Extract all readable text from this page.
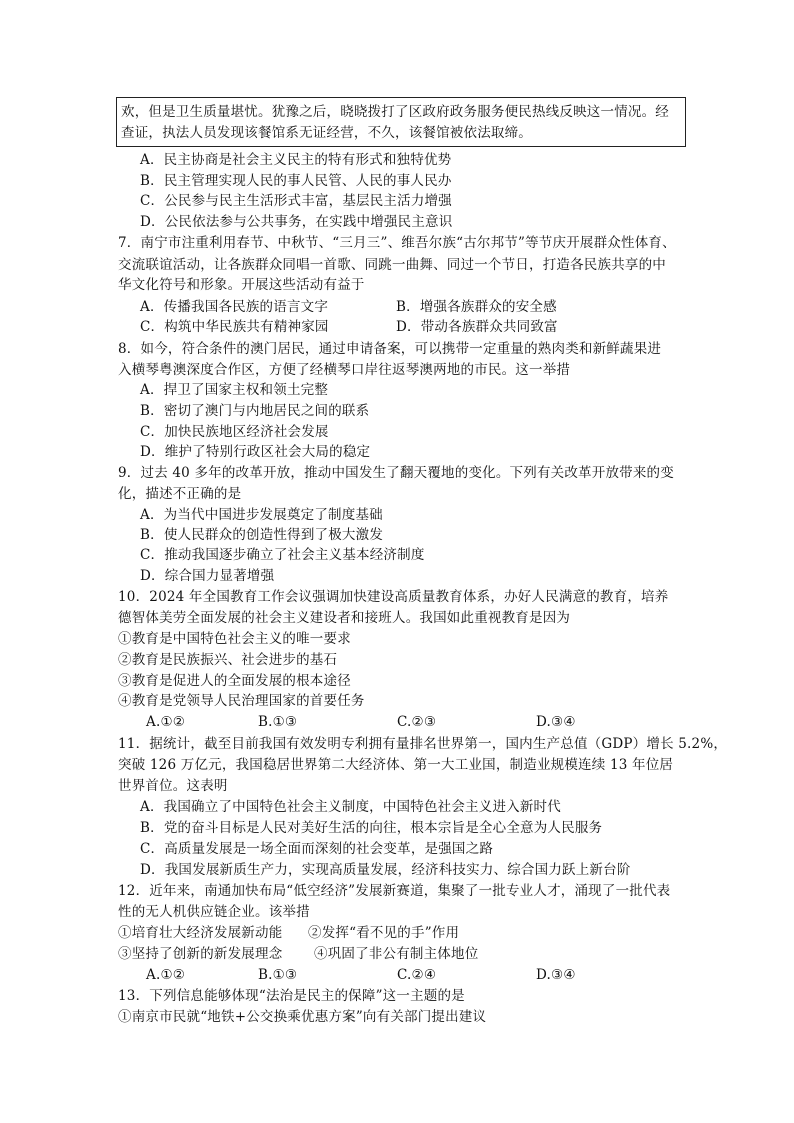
欢，但是卫生质量堪忧。犹豫之后，晓晓拨打了区政府政务服务便民热线反映这一情况。经
查证，执法人员发现该餐馆系无证经营，不久，该餐馆被依法取缔。
A．民主协商是社会主义民主的特有形式和独特优势
B．民主管理实现人民的事人民管、人民的事人民办
C．公民参与民主生活形式丰富，基层民主活力增强
D．公民依法参与公共事务，在实践中增强民主意识
7．南宁市注重利用春节、中秋节、“三月三”、维吾尔族“古尔邦节”等节庆开展群众性体育、
交流联谊活动，让各族群众同唱一首歌、同跳一曲舞、同过一个节日，打造各民族共享的中
华文化符号和形象。开展这些活动有益于
A．传播我国各民族的语言文字	B．增强各族群众的安全感
C．构筑中华民族共有精神家园	D．带动各族群众共同致富
8．如今，符合条件的澳门居民，通过申请备案，可以携带一定重量的熟肉类和新鲜蔬果进
入横琴粤澳深度合作区，方便了经横琴口岸往返琴澳两地的市民。这一举措
A．捍卫了国家主权和领土完整
B．密切了澳门与内地居民之间的联系
C．加快民族地区经济社会发展
D．维护了特别行政区社会大局的稳定
9．过去 40 多年的改革开放，推动中国发生了翻天覆地的变化。下列有关改革开放带来的变
化，描述不正确的是
A．为当代中国进步发展奠定了制度基础
B．使人民群众的创造性得到了极大激发
C．推动我国逐步确立了社会主义基本经济制度
D．综合国力显著增强
10．2024 年全国教育工作会议强调加快建设高质量教育体系，办好人民满意的教育，培养
德智体美劳全面发展的社会主义建设者和接班人。我国如此重视教育是因为
①教育是中国特色社会主义的唯一要求
②教育是民族振兴、社会进步的基石
③教育是促进人的全面发展的根本途径
④教育是党领导人民治理国家的首要任务
A.①②	B.①③	C.②③	D.③④
11．据统计，截至目前我国有效发明专利拥有量排名世界第一，国内生产总值（GDP）增长 5.2%，
突破 126 万亿元，我国稳居世界第二大经济体、第一大工业国，制造业规模连续 13 年位居
世界首位。这表明
A．我国确立了中国特色社会主义制度，中国特色社会主义进入新时代
B．党的奋斗目标是人民对美好生活的向往，根本宗旨是全心全意为人民服务
C．高质量发展是一场全面而深刻的社会变革，是强国之路
D．我国发展新质生产力，实现高质量发展，经济科技实力、综合国力跃上新台阶
12．近年来，南通加快布局“低空经济”发展新赛道，集聚了一批专业人才，涌现了一批代表
性的无人机供应链企业。该举措
①培育壮大经济发展新动能 ②发挥“看不见的手”作用
③坚持了创新的新发展理念 ④巩固了非公有制主体地位
A.①②	B.①③	C.②④	D.③④
13．下列信息能够体现“法治是民主的保障”这一主题的是
①南京市民就“地铁+公交换乘优惠方案”向有关部门提出建议
